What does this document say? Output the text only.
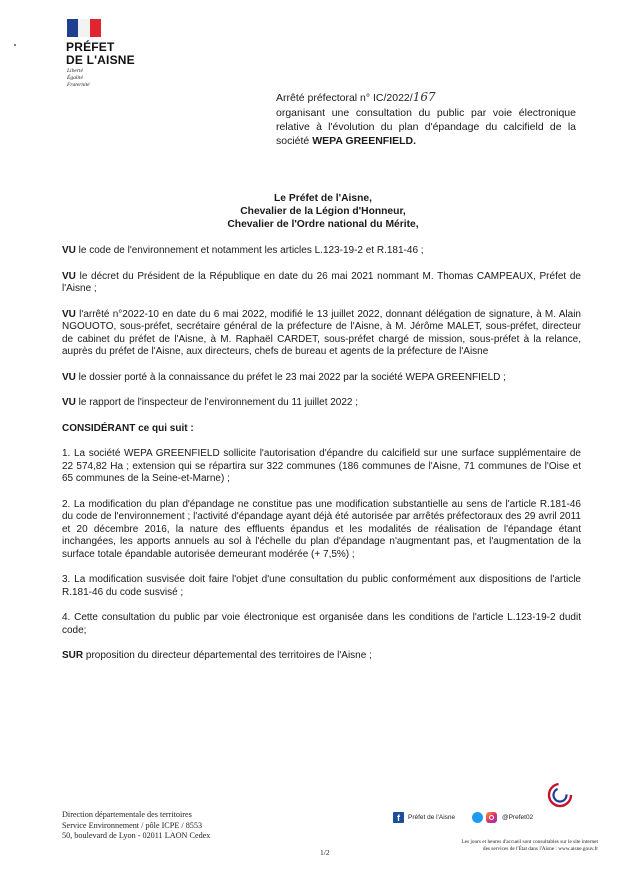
PRÉFET
DE L'AISNE
Liberté
Égalité
Fraternité
Arrêté préfectoral n° IC/2022/167
organisant une consultation du public par voie électronique relative à l'évolution du plan d'épandage du calcifield de la société WEPA GREENFIELD.
Le Préfet de l'Aisne,
Chevalier de la Légion d'Honneur,
Chevalier de l'Ordre national du Mérite,

VU le code de l'environnement et notamment les articles L.123-19-2 et R.181-46 ;

VU le décret du Président de la République en date du 26 mai 2021 nommant M. Thomas CAMPEAUX, Préfet de l'Aisne ;

VU l'arrêté n°2022-10 en date du 6 mai 2022, modifié le 13 juillet 2022, donnant délégation de signature, à M. Alain NGOUOTO, sous-préfet, secrétaire général de la préfecture de l'Aisne, à M. Jérôme MALET, sous-préfet, directeur de cabinet du préfet de l'Aisne, à M. Raphaël CARDET, sous-préfet chargé de mission, sous-préfet à la relance, auprès du préfet de l'Aisne, aux directeurs, chefs de bureau et agents de la préfecture de l'Aisne

VU le dossier porté à la connaissance du préfet le 23 mai 2022 par la société WEPA GREENFIELD ;

VU le rapport de l'inspecteur de l'environnement du 11 juillet 2022 ;

CONSIDÉRANT ce qui suit :

1. La société WEPA GREENFIELD sollicite l'autorisation d'épandre du calcifield sur une surface supplémentaire de 22 574,82 Ha ; extension qui se répartira sur 322 communes (186 communes de l'Aisne, 71 communes de l'Oise et 65 communes de la Seine-et-Marne) ;

2. La modification du plan d'épandage ne constitue pas une modification substantielle au sens de l'article R.181-46 du code de l'environnement ; l'activité d'épandage ayant déjà été autorisée par arrêtés préfectoraux des 29 avril 2011 et 20 décembre 2016, la nature des effluents épandus et les modalités de réalisation de l'épandage étant inchangées, les apports annuels au sol à l'échelle du plan d'épandage n'augmentant pas, et l'augmentation de la surface totale épandable autorisée demeurant modérée (+ 7,5%) ;

3. La modification susvisée doit faire l'objet d'une consultation du public conformément aux dispositions de l'article R.181-46 du code susvisé ;

4. Cette consultation du public par voie électronique est organisée dans les conditions de l'article L.123-19-2 dudit code;

SUR proposition du directeur départemental des territoires de l'Aisne ;

Direction départementale des territoires
Service Environnement / pôle ICPE / 8553
50, boulevard de Lyon - 02011 LAON Cedex
1/2
f	Préfet de l'Aisne	@Prefet02
Les jours et heures d'accueil sont consultables sur le site internet
des services de l'État dans l'Aisne : www.aisne.gouv.fr
